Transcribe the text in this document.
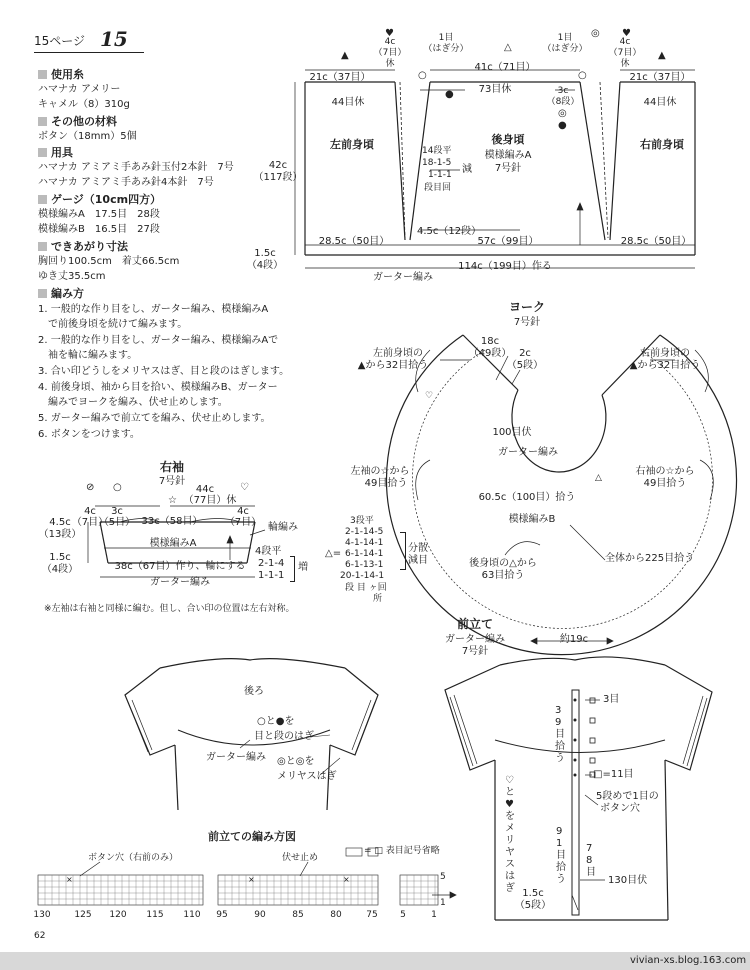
15ページ 15
使用糸
ハマナカ アメリー
キャメル（8）310g
その他の材料
ボタン（18mm）5個
用具
ハマナカ アミアミ手あみ針玉付2本針　7号
ハマナカ アミアミ手あみ針4本針　7号
ゲージ（10cm四方）
模様編みA　17.5目　28段
模様編みB　16.5目　27段
できあがり寸法
胸回り100.5cm　着丈66.5cm
ゆき丈35.5cm
編み方
1. 一般的な作り目をし、ガーター編み、模様編みA
　で前後身頃を続けて編みます。
2. 一般的な作り目をし、ガーター編み、模様編みAで
　袖を輪に編みます。
3. 合い印どうしをメリヤスはぎ、目と段のはぎします。
4. 前後身頃、袖から目を拾い、模様編みB、ガーター
　編みでヨークを編み、伏せ止めします。
5. ガーター編みで前立てを編み、伏せ止めします。
6. ボタンをつけます。
▲
♥
△
◎ ♥
▲
○
●
○
●
◎
♡
△
⊘ ○
☆
♡
⨯	⨯	⨯
4c
（7目）
休
4c
（7目）
休
1目
（はぎ分）
1目
（はぎ分）
21c（37目）
41c（71目）
21c（37目）
73目休
44目休	44目休
3c
（8段）
左前身頃	後身頃
模様編みA
7号針
右前身頃
14段平
18-1-5
1-1-1
段目回
減
42c
（117段）
4.5c（12段）
28.5c（50目）	57c（99目）	28.5c（50目）
1.5c
（4段）	114c（199目）作る
ガーター編み
ヨーク
7号針
18c
（49段） 2c
（5段）
左前身頃の
▲から32目拾う
右前身頃の
▲から32目拾う
100目伏
ガーター編み
左袖の☆から
49目拾う
右袖の☆から
49目拾う
60.5c（100目）拾う
模様編みB
3段平
2-1-14-5
4-1-14-1
6-1-14-1
6-1-13-1
20-1-14-1
段 目 ヶ回
所
△=	分散
減目	後身頃の△から
63目拾う
全体から225目拾う
右袖
7号針
4c
（7目）
3c
（5目） 33c（58目）
44c
（77目）休
4c
（7目）
4.5c
（13段）
模様編みA
輪編み
4段平
2-1-4
1-1-1
増
1.5c
（4段）	38c（67目）作り、輪にする
ガーター編み
※左袖は右袖と同様に編む。但し、合い印の位置は左右対称。
後ろ
○と●を
目と段のはぎ
◎と◎を
メリヤスはぎ
ガーター編み
前立て
ガーター編み
7号針
約19c
3目
39目拾う
□=11目
5段めで1目の
ボタン穴
♡と♥をメリヤスはぎ
91目拾う
78目
130目伏
1.5c
（5段）
前立ての編み方図
= □ 表目記号省略
ボタン穴（右前のみ）	伏せ止め
5
1
130	125 120 115 110 95	90	85	80	75 5	1
62
vivian-xs.blog.163.com
